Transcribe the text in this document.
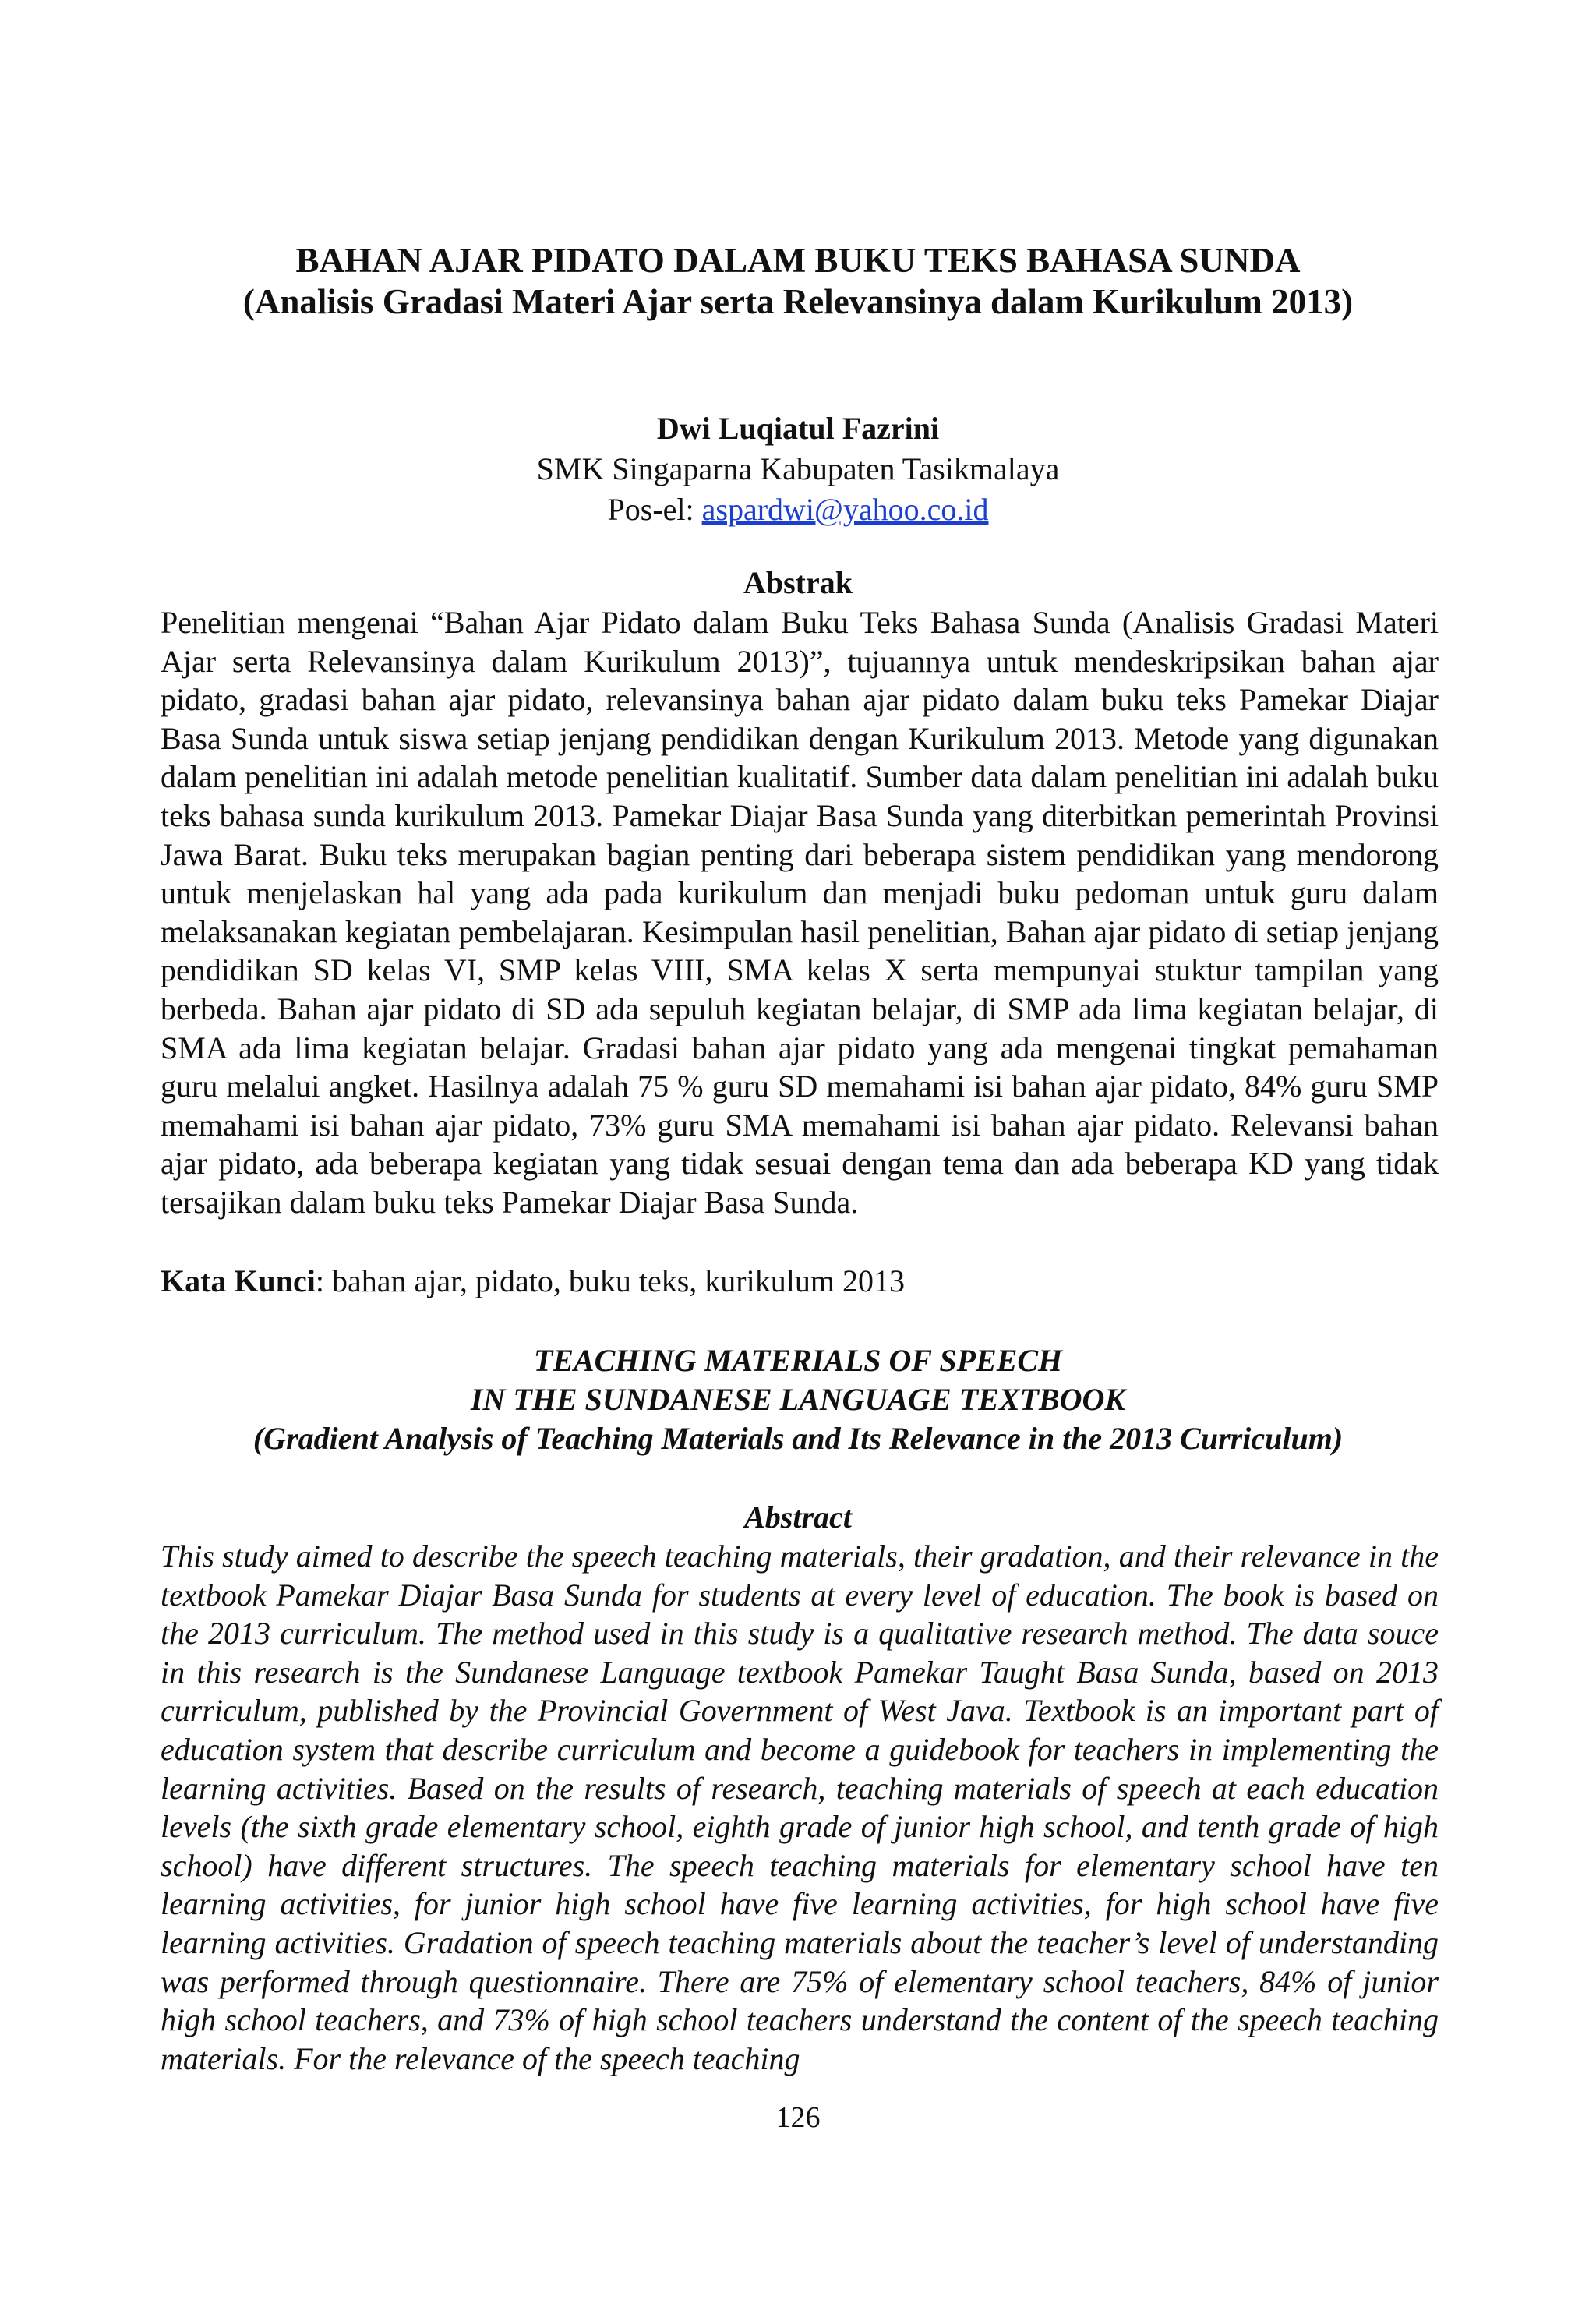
BAHAN AJAR PIDATO DALAM BUKU TEKS BAHASA SUNDA

(Analisis Gradasi Materi Ajar serta Relevansinya dalam Kurikulum 2013)

Dwi Luqiatul Fazrini
SMK Singaparna Kabupaten Tasikmalaya
Pos-el: aspardwi@yahoo.co.id
Abstrak

Penelitian mengenai “Bahan Ajar Pidato dalam Buku Teks Bahasa Sunda (Analisis Gradasi Materi Ajar serta Relevansinya dalam Kurikulum 2013)”, tujuannya untuk mendeskripsikan bahan ajar pidato, gradasi bahan ajar pidato, relevansinya bahan ajar pidato dalam buku teks Pamekar Diajar Basa Sunda untuk siswa setiap jenjang pendidikan dengan Kurikulum 2013. Metode yang digunakan dalam penelitian ini adalah metode penelitian kualitatif. Sumber data dalam penelitian ini adalah buku teks bahasa sunda kurikulum 2013. Pamekar Diajar Basa Sunda yang diterbitkan pemerintah Provinsi Jawa Barat. Buku teks merupakan bagian penting dari beberapa sistem pendidikan yang mendorong untuk menjelaskan hal yang ada pada kurikulum dan menjadi buku pedoman untuk guru dalam melaksanakan kegiatan pembelajaran. Kesimpulan hasil penelitian, Bahan ajar pidato di setiap jenjang pendidikan SD kelas VI, SMP kelas VIII, SMA kelas X serta mempunyai stuktur tampilan yang berbeda. Bahan ajar pidato di SD ada sepuluh kegiatan belajar, di SMP ada lima kegiatan belajar, di SMA ada lima kegiatan belajar. Gradasi bahan ajar pidato yang ada mengenai tingkat pemahaman guru melalui angket. Hasilnya adalah 75 % guru SD memahami isi bahan ajar pidato, 84% guru SMP memahami isi bahan ajar pidato, 73% guru SMA memahami isi bahan ajar pidato. Relevansi bahan ajar pidato, ada beberapa kegiatan yang tidak sesuai dengan tema dan ada beberapa KD yang tidak tersajikan dalam buku teks Pamekar Diajar Basa Sunda.

Kata Kunci: bahan ajar, pidato, buku teks, kurikulum 2013
TEACHING MATERIALS OF SPEECH
IN THE SUNDANESE LANGUAGE TEXTBOOK
(Gradient Analysis of Teaching Materials and Its Relevance in the 2013 Curriculum)
Abstract

This study aimed to describe the speech teaching materials, their gradation, and their relevance in the textbook Pamekar Diajar Basa Sunda for students at every level of education. The book is based on the 2013 curriculum. The method used in this study is a qualitative research method. The data souce in this research is the Sundanese Language textbook Pamekar Taught Basa Sunda, based on 2013 curriculum, published by the Provincial Government of West Java. Textbook is an important part of education system that describe curriculum and become a guidebook for teachers in implementing the learning activities. Based on the results of research, teaching materials of speech at each education levels (the sixth grade elementary school, eighth grade of junior high school, and tenth grade of high school) have different structures. The speech teaching materials for elementary school have ten learning activities, for junior high school have five learning activities, for high school have five learning activities. Gradation of speech teaching materials about the teacher’s level of understanding was performed through questionnaire. There are 75% of elementary school teachers, 84% of junior high school teachers, and 73% of high school teachers understand the content of the speech teaching materials. For the relevance of the speech teaching

126
